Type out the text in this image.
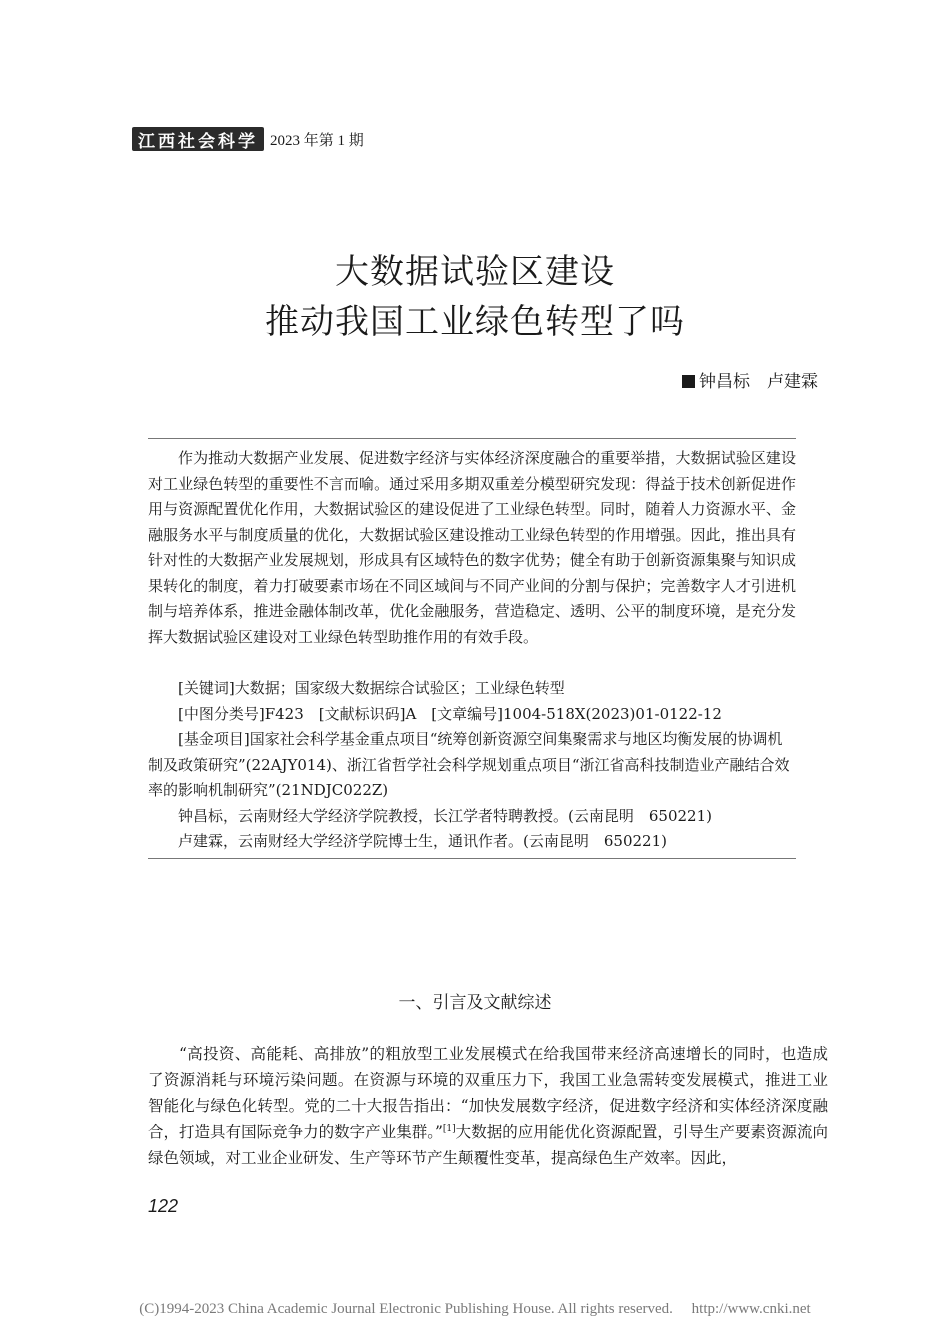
江西社会科学 2023 年第 1 期
大数据试验区建设
推动我国工业绿色转型了吗
钟昌标　卢建霖

作为推动大数据产业发展、促进数字经济与实体经济深度融合的重要举措，大数据试验区建设对工业绿色转型的重要性不言而喻。通过采用多期双重差分模型研究发现：得益于技术创新促进作用与资源配置优化作用，大数据试验区的建设促进了工业绿色转型。同时，随着人力资源水平、金融服务水平与制度质量的优化，大数据试验区建设推动工业绿色转型的作用增强。因此，推出具有针对性的大数据产业发展规划，形成具有区域特色的数字优势；健全有助于创新资源集聚与知识成果转化的制度，着力打破要素市场在不同区域间与不同产业间的分割与保护；完善数字人才引进机制与培养体系，推进金融体制改革，优化金融服务，营造稳定、透明、公平的制度环境，是充分发挥大数据试验区建设对工业绿色转型助推作用的有效手段。

[关键词]大数据；国家级大数据综合试验区；工业绿色转型

[中图分类号]F423　[文献标识码]A　[文章编号]1004-518X(2023)01-0122-12

[基金项目]国家社会科学基金重点项目“统筹创新资源空间集聚需求与地区均衡发展的协调机制及政策研究”(22AJY014)、浙江省哲学社会科学规划重点项目“浙江省高科技制造业产融结合效率的影响机制研究”(21NDJC022Z)

钟昌标，云南财经大学经济学院教授，长江学者特聘教授。(云南昆明　650221)

卢建霖，云南财经大学经济学院博士生，通讯作者。(云南昆明　650221)

一、引言及文献综述

“高投资、高能耗、高排放”的粗放型工业发展模式在给我国带来经济高速增长的同时，也造成了资源消耗与环境污染问题。在资源与环境的双重压力下，我国工业急需转变发展模式，推进工业智能化与绿色化转型。党的二十大报告指出：“加快发展数字经济，促进数字经济和实体经济深度融合，打造具有国际竞争力的数字产业集群。”[1]大数据的应用能优化资源配置，引导生产要素资源流向绿色领域，对工业企业研发、生产等环节产生颠覆性变革，提高绿色生产效率。因此，

122
(C)1994-2023 China Academic Journal Electronic Publishing House. All rights reserved.　 http://www.cnki.net
